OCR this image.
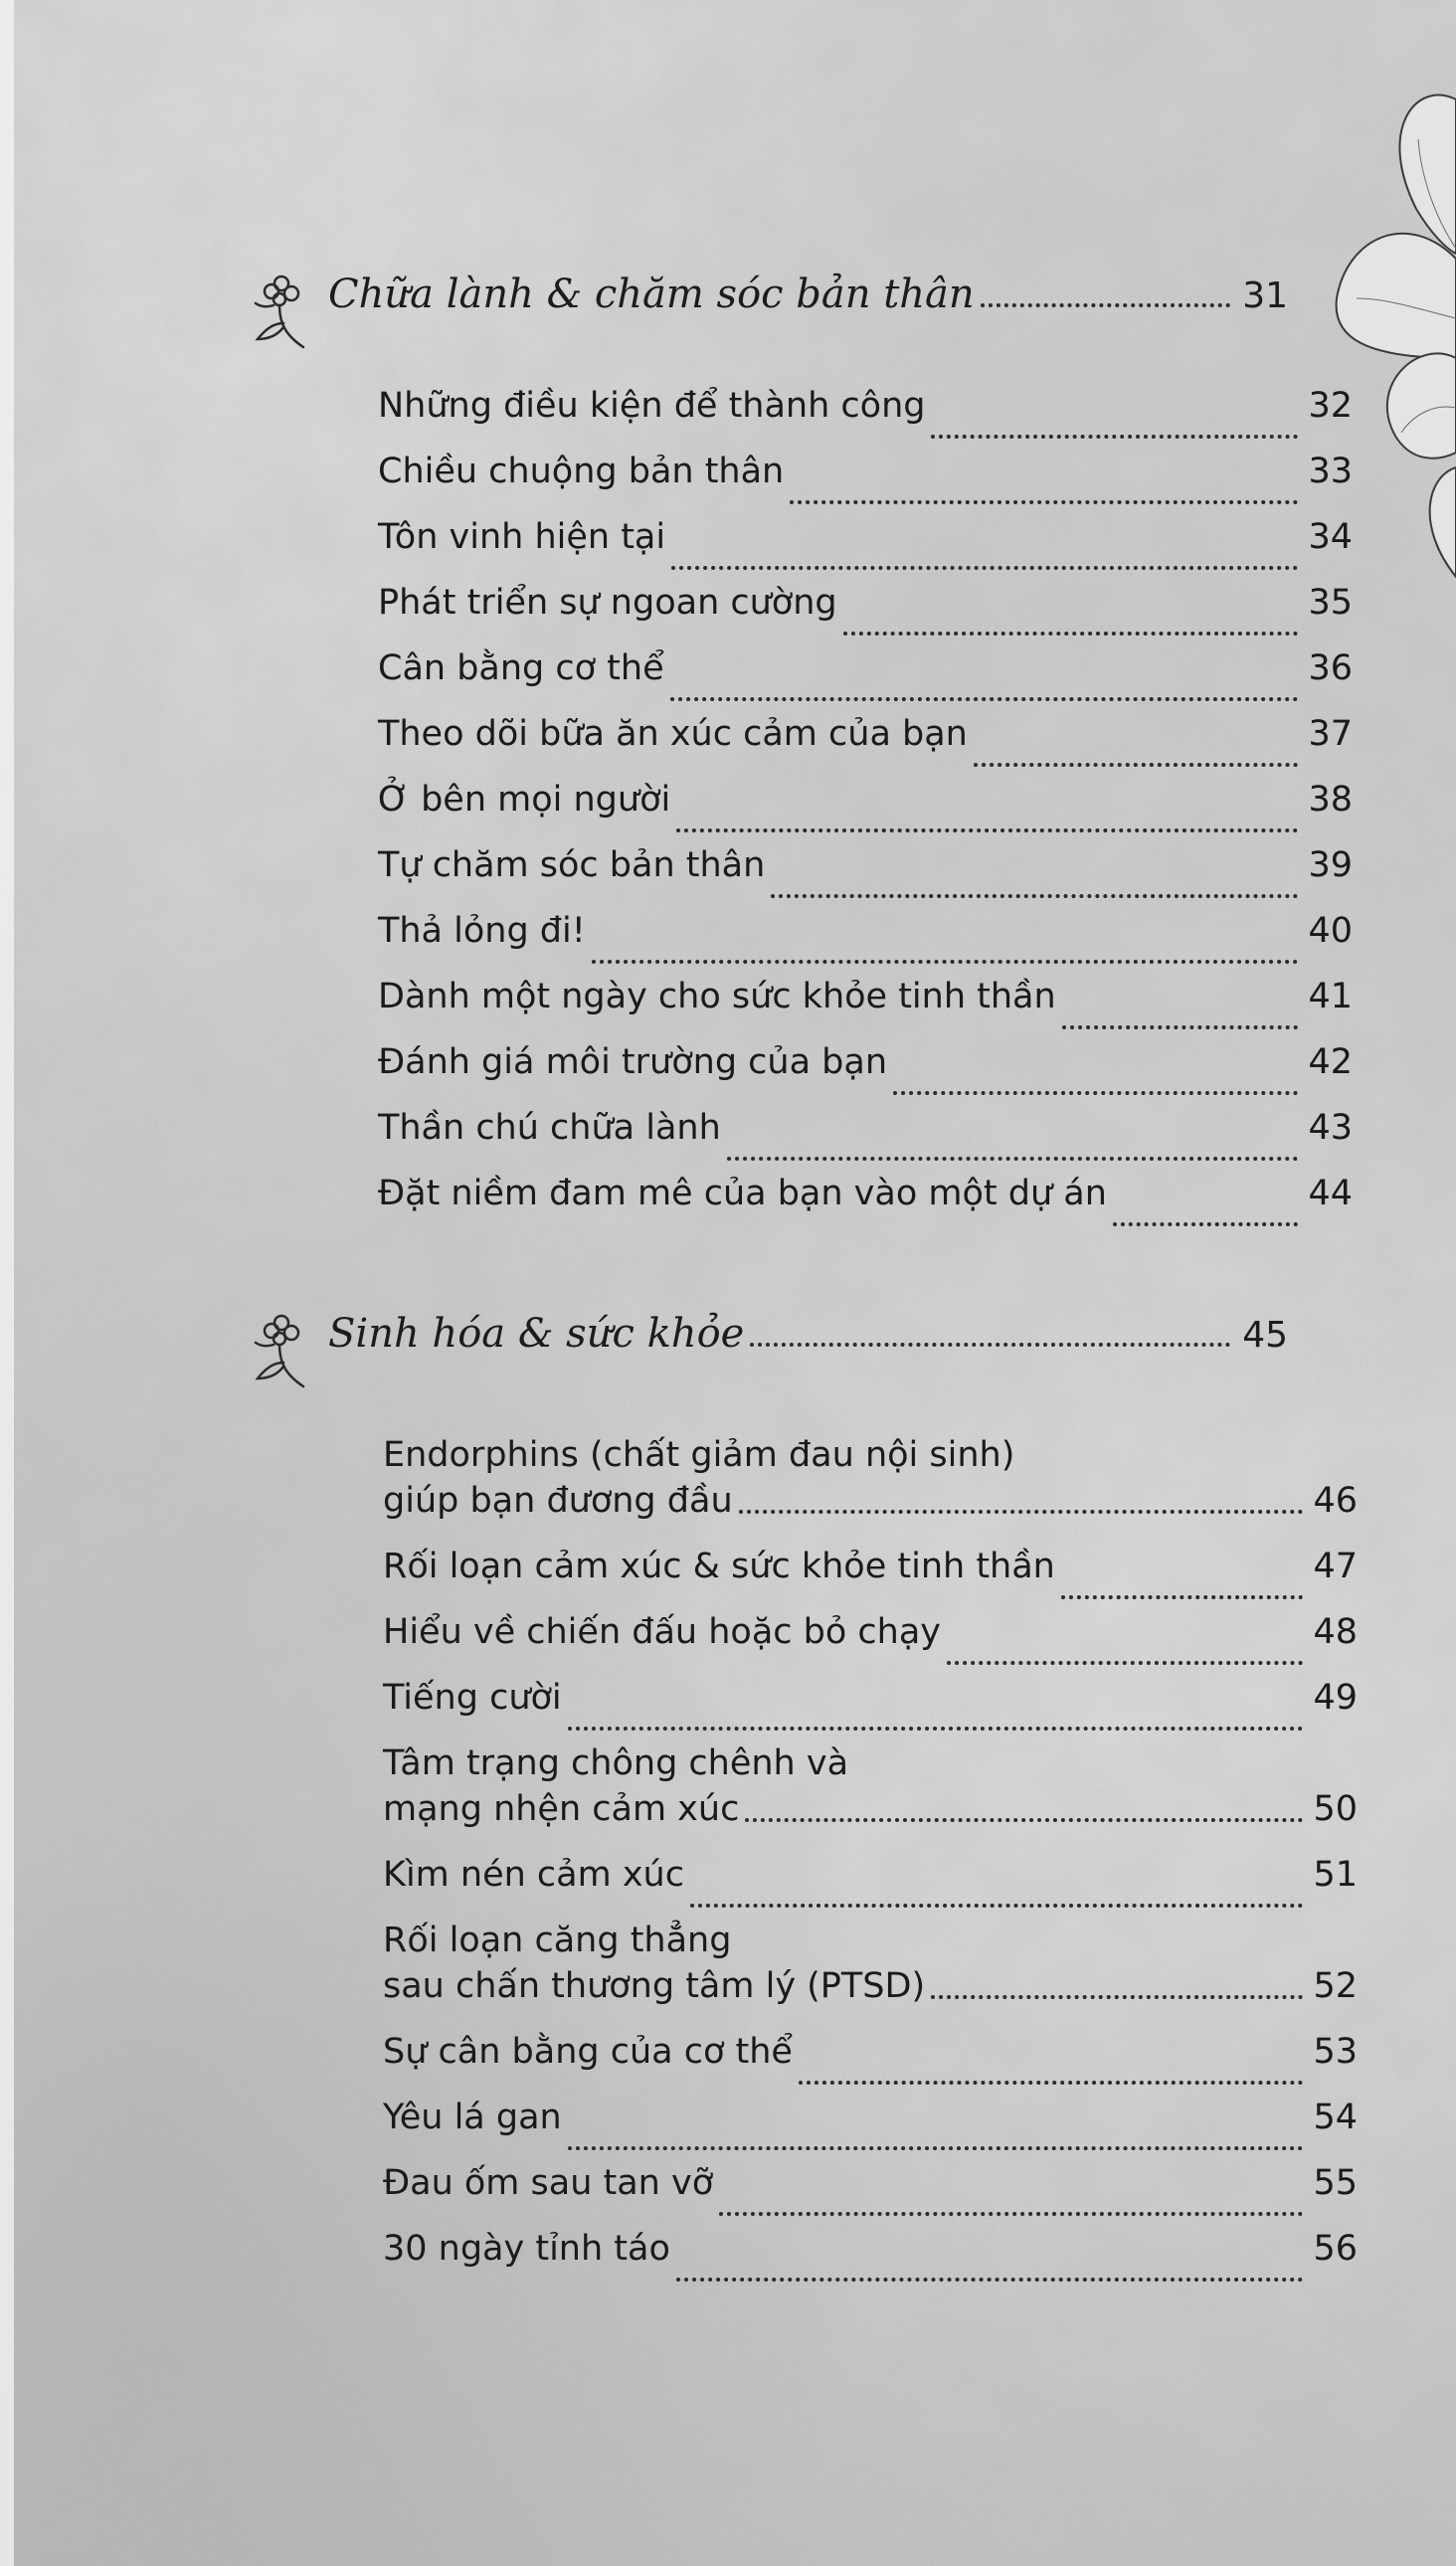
Chữa lành & chăm sóc bản thân	31
Những điều kiện để thành công	32
Chiều chuộng bản thân	33
Tôn vinh hiện tại	34
Phát triển sự ngoan cường	35
Cân bằng cơ thể	36
Theo dõi bữa ăn xúc cảm của bạn	37
Ở bên mọi người	38
Tự chăm sóc bản thân	39
Thả lỏng đi!	40
Dành một ngày cho sức khỏe tinh thần	41
Đánh giá môi trường của bạn	42
Thần chú chữa lành	43
Đặt niềm đam mê của bạn vào một dự án	44
Sinh hóa & sức khỏe	45
Endorphins (chất giảm đau nội sinh)
giúp bạn đương đầu	46
Rối loạn cảm xúc & sức khỏe tinh thần	47
Hiểu về chiến đấu hoặc bỏ chạy	48
Tiếng cười	49
Tâm trạng chông chênh và
mạng nhện cảm xúc	50
Kìm nén cảm xúc	51
Rối loạn căng thẳng
sau chấn thương tâm lý (PTSD)	52
Sự cân bằng của cơ thể	53
Yêu lá gan	54
Đau ốm sau tan vỡ	55
30 ngày tỉnh táo	56
